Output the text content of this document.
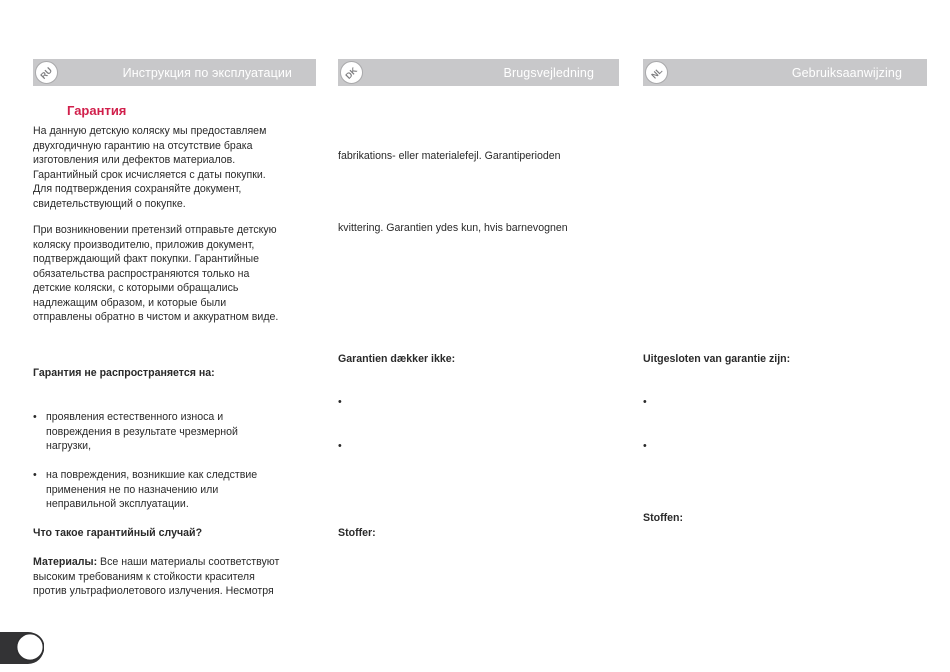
RU	Инструкция по эксплуатации	DK	Brugsvejledning	NL	Gebruiksaanwijzing
Гарантия
На данную детскую коляску мы предоставляем
двухгодичную гарантию на отсутствие брака
изготовления или дефектов материалов.
Гарантийный срок исчисляется с даты покупки.
Для подтверждения сохраняйте документ,
свидетельствующий о покупке.
При возникновении претензий отправьте детскую
коляску производителю, приложив документ,
подтверждающий факт покупки. Гарантийные
обязательства распространяются только на
детские коляски, с которыми обращались
надлежащим образом, и которые были
отправлены обратно в чистом и аккуратном виде.
Гарантия не распространяется на:
• проявления естественного износа и
повреждения в результате чрезмерной
нагрузки,
• на повреждения, возникшие как следствие
применения не по назначению или
неправильной эксплуатации.
Что такое гарантийный случай?
Материалы: Все наши материалы соответствуют
высоким требованиям к стойкости красителя
против ультрафиолетового излучения. Несмотря
fabrikations- eller materialefejl. Garantiperioden
kvittering. Garantien ydes kun, hvis barnevognen
Garantien dækker ikke:
•
•
Stoffer:
Uitgesloten van garantie zijn:
•
•
Stoffen:
